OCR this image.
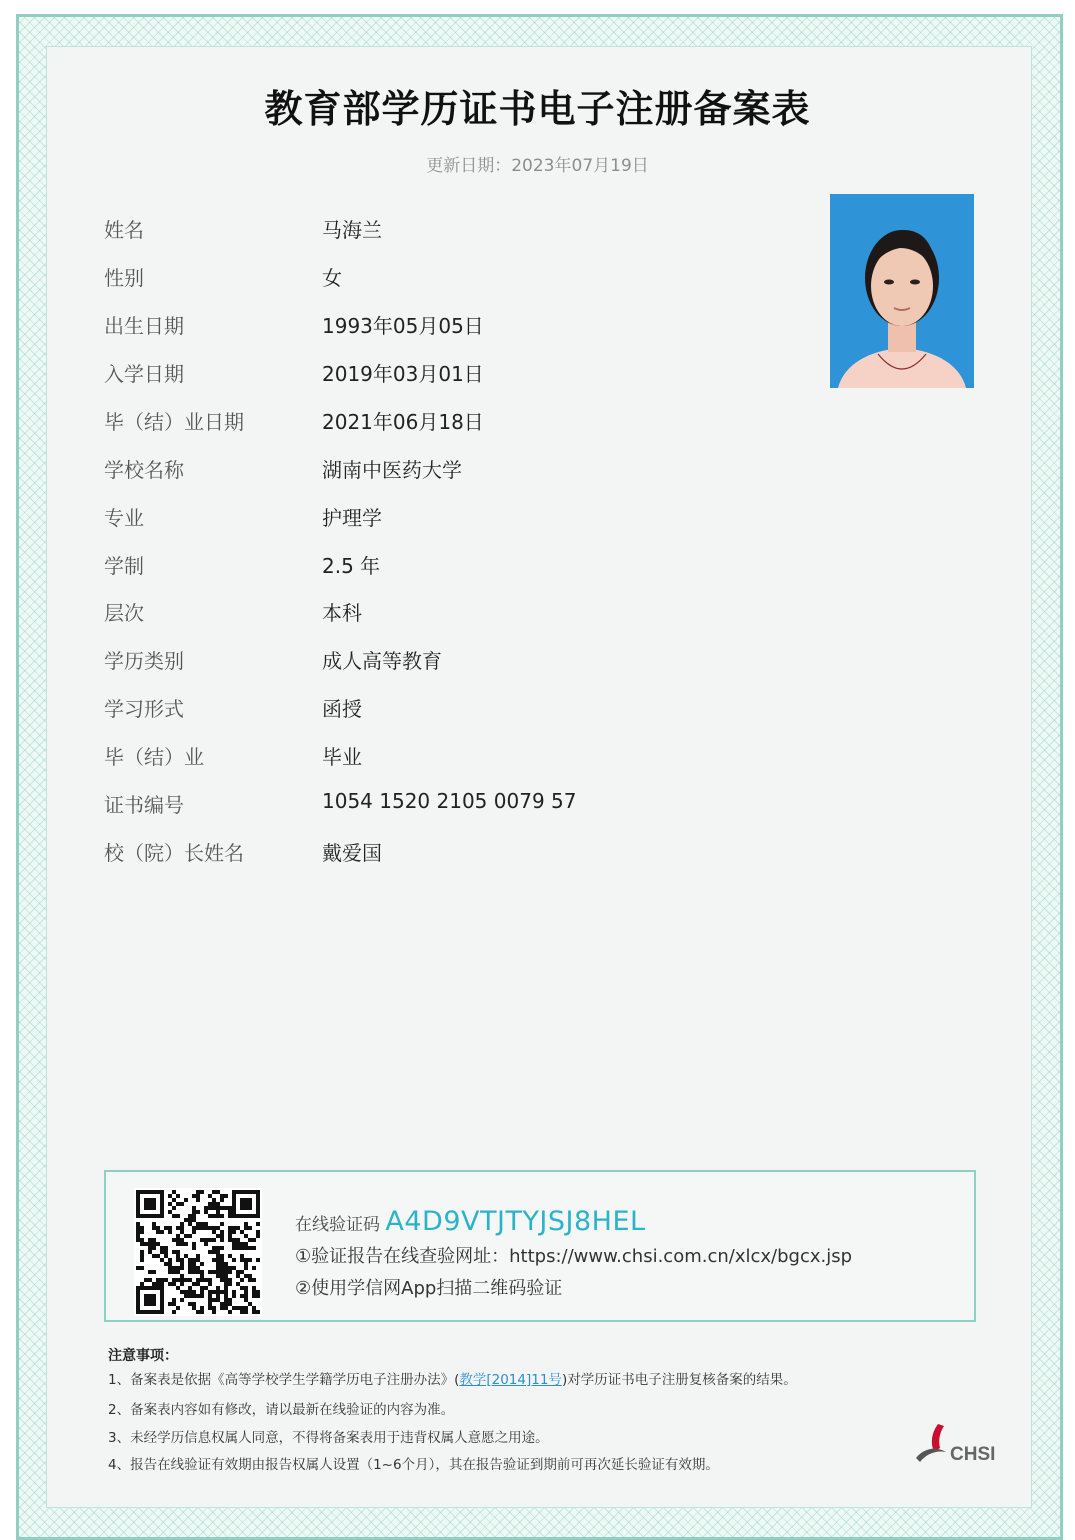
教育部学历证书电子注册备案表
更新日期：2023年07月19日
姓名	马海兰
性别	女
出生日期	1993年05月05日
入学日期	2019年03月01日
毕（结）业日期	2021年06月18日
学校名称	湖南中医药大学
专业	护理学
学制	2.5 年
层次	本科
学历类别	成人高等教育
学习形式	函授
毕（结）业	毕业
证书编号	1054 1520 2105 0079 57
校（院）长姓名	戴爱国
在线验证码 A4D9VTJTYJSJ8HEL
①验证报告在线查验网址：https://www.chsi.com.cn/xlcx/bgcx.jsp
②使用学信网App扫描二维码验证
注意事项：
1、备案表是依据《高等学校学生学籍学历电子注册办法》(教学[2014]11号)对学历证书电子注册复核备案的结果。
2、备案表内容如有修改，请以最新在线验证的内容为准。
3、未经学历信息权属人同意，不得将备案表用于违背权属人意愿之用途。
4、报告在线验证有效期由报告权属人设置（1~6个月），其在报告验证到期前可再次延长验证有效期。	CHSI
